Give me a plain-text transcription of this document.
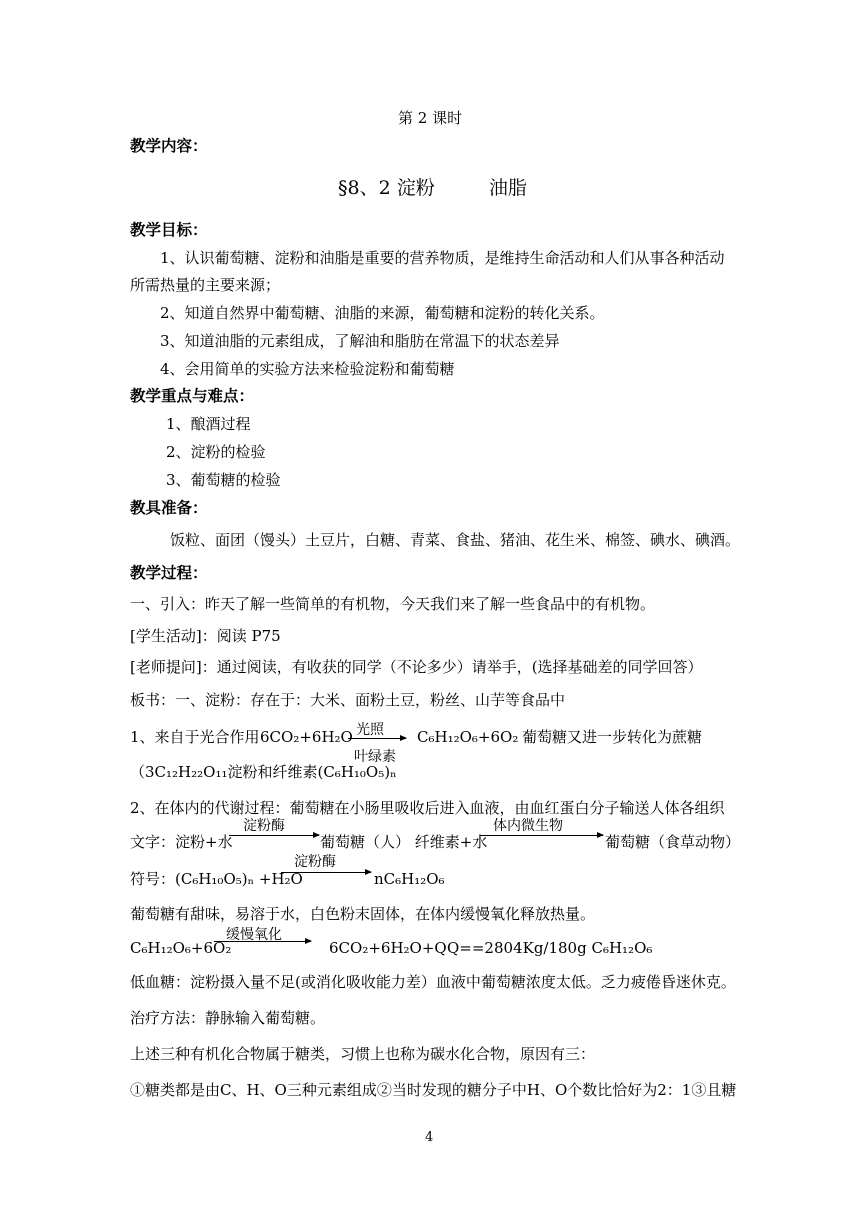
第 2 课时
教学内容：
§8、2 淀粉	油脂
教学目标：
1、认识葡萄糖、淀粉和油脂是重要的营养物质，是维持生命活动和人们从事各种活动
所需热量的主要来源；
2、知道自然界中葡萄糖、油脂的来源，葡萄糖和淀粉的转化关系。
3、知道油脂的元素组成，了解油和脂肪在常温下的状态差异
4、会用简单的实验方法来检验淀粉和葡萄糖
教学重点与难点：
1、酿酒过程
2、淀粉的检验
3、葡萄糖的检验
教具准备：
饭粒、面团（馒头）土豆片，白糖、青菜、食盐、猪油、花生米、棉签、碘水、碘酒。
教学过程：
一、引入：昨天了解一些简单的有机物，今天我们来了解一些食品中的有机物。
[学生活动]：阅读 P75
[老师提问]：通过阅读，有收获的同学（不论多少）请举手，(选择基础差的同学回答）
板书：一、淀粉：存在于：大米、面粉土豆，粉丝、山芋等食品中
1、来自于光合作用 6CO₂+6H₂O 光照
叶绿素
C₆H₁₂O₆+6O₂ 葡萄糖又进一步转化为蔗糖
（3C₁₂H₂₂O₁₁淀粉和纤维素(C₆H₁₀O₅)ₙ
2、在体内的代谢过程：葡萄糖在小肠里吸收后进入血液，由血红蛋白分子输送人体各组织
文字：淀粉+水
淀粉酶
葡萄糖（人） 纤维素+水
体内微生物
葡萄糖（食草动物）
符号：(C₆H₁₀O₅)ₙ +H₂O
淀粉酶
nC₆H₁₂O₆
葡萄糖有甜味，易溶于水，白色粉末固体，在体内缓慢氧化释放热量。
C₆H₁₂O₆+6O₂
缓慢氧化
6CO₂+6H₂O+Q Q==2804Kg/180g C₆H₁₂O₆
低血糖：淀粉摄入量不足(或消化吸收能力差）血液中葡萄糖浓度太低。乏力疲倦昏迷休克。
治疗方法：静脉输入葡萄糖。
上述三种有机化合物属于糖类，习惯上也称为碳水化合物，原因有三：
①糖类都是由C、H、O三种元素组成②当时发现的糖分子中H、O个数比恰好为2：1③且糖
4
